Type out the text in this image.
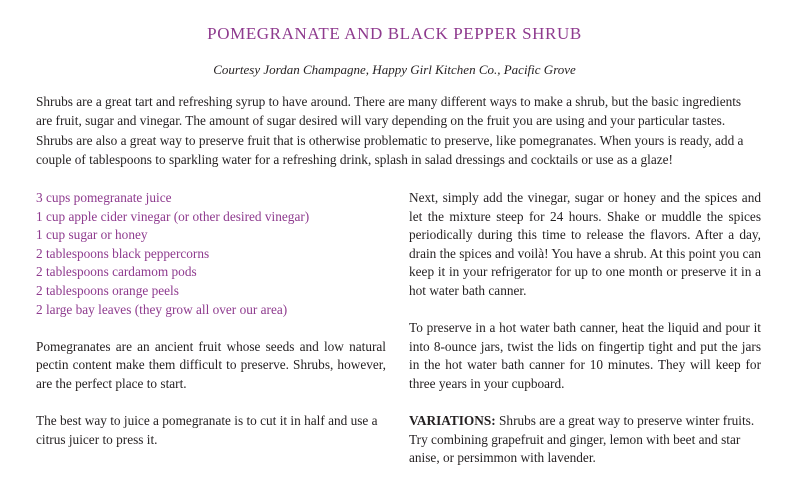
POMEGRANATE AND BLACK PEPPER SHRUB
Courtesy Jordan Champagne, Happy Girl Kitchen Co., Pacific Grove

Shrubs are a great tart and refreshing syrup to have around. There are many different ways to make a shrub, but the basic ingredients are fruit, sugar and vinegar. The amount of sugar desired will vary depending on the fruit you are using and your particular tastes. Shrubs are also a great way to preserve fruit that is otherwise problematic to preserve, like pomegranates. When yours is ready, add a couple of tablespoons to sparkling water for a refreshing drink, splash in salad dressings and cocktails or use as a glaze!

3 cups pomegranate juice
1 cup apple cider vinegar (or other desired vinegar)
1 cup sugar or honey
2 tablespoons black peppercorns
2 tablespoons cardamom pods
2 tablespoons orange peels
2 large bay leaves (they grow all over our area)

Pomegranates are an ancient fruit whose seeds and low natural pectin content make them difficult to preserve. Shrubs, however, are the perfect place to start.

The best way to juice a pomegranate is to cut it in half and use a citrus juicer to press it.

Next, simply add the vinegar, sugar or honey and the spices and let the mixture steep for 24 hours. Shake or muddle the spices periodically during this time to release the flavors. After a day, drain the spices and voilà! You have a shrub. At this point you can keep it in your refrigerator for up to one month or preserve it in a hot water bath canner.

To preserve in a hot water bath canner, heat the liquid and pour it into 8-ounce jars, twist the lids on fingertip tight and put the jars in the hot water bath canner for 10 minutes. They will keep for three years in your cupboard.

VARIATIONS: Shrubs are a great way to preserve winter fruits. Try combining grapefruit and ginger, lemon with beet and star anise, or persimmon with lavender.
